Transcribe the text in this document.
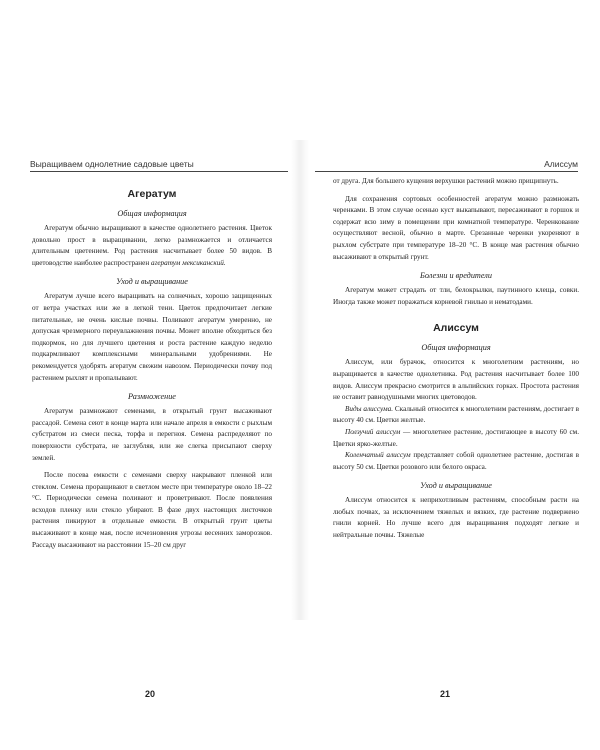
Выращиваем однолетние садовые цветы
Агератум
Общая информация

Агератум обычно выращивают в качестве однолетнего растения. Цветок довольно прост в выращивании, легко размножается и отличается длительным цветением. Род растения насчитывает более 50 видов. В цветоводстве наиболее распространен агератум мексиканский.

Уход и выращивание

Агератум лучше всего выращивать на солнечных, хорошо защищенных от ветра участках или же в легкой тени. Цветок предпочитает легкие питательные, не очень кислые почвы. Поливают агератум умеренно, не допуская чрезмерного переувлажнения почвы. Может вполне обходиться без подкормок, но для лучшего цветения и роста растение каждую неделю подкармливают комплексными минеральными удобрениями. Не рекомендуется удобрять агератум свежим навозом. Периодически почву под растением рыхлят и пропалывают.

Размножение

Агератум размножают семенами, в открытый грунт высаживают рассадой. Семена сеют в конце марта или начале апреля в емкости с рыхлым субстратом из смеси песка, торфа и перегноя. Семена распределяют по поверхности субстрата, не заглубляя, или же слегка присыпают сверху землей.

После посева емкости с семенами сверху накрывают пленкой или стеклом. Семена проращивают в светлом месте при температуре около 18–22 °С. Периодически семена поливают и проветривают. После появления всходов пленку или стекло убирают. В фазе двух настоящих листочков растения пикируют в отдельные емкости. В открытый грунт цветы высаживают в конце мая, после исчезновения угрозы весенних заморозков. Рассаду высаживают на расстоянии 15–20 см друг

20
Алиссум

от друга. Для большего кущения верхушки растений можно прищипнуть.

Для сохранения сортовых особенностей агератум можно размножать черенками. В этом случае осенью куст выкапывают, пересаживают в горшок и содержат всю зиму в помещении при комнатной температуре. Черенкование осуществляют весной, обычно в марте. Срезанные черенки укореняют в рыхлом субстрате при температуре 18–20 °С. В конце мая растения обычно высаживают в открытый грунт.

Болезни и вредители

Агератум может страдать от тли, белокрылки, паутинного клеща, совки. Иногда также может поражаться корневой гнилью и нематодами.

Алиссум
Общая информация

Алиссум, или бурачок, относится к многолетним растениям, но выращивается в качестве однолетника. Род растения насчитывает более 100 видов. Алиссум прекрасно смотрится в альпийских горках. Простота растения не оставит равнодушными многих цветоводов.

Виды алиссума. Скальный относится к многолетним растениям, достигает в высоту 40 см. Цветки желтые.

Ползучий алиссум — многолетнее растение, достигающее в высоту 60 см. Цветки ярко-желтые.

Коленчатый алиссум представляет собой однолетнее растение, достигая в высоту 50 см. Цветки розового или белого окраса.

Уход и выращивание

Алиссум относится к неприхотливым растениям, способным расти на любых почвах, за исключением тяжелых и вязких, где растение подвержено гнили корней. Но лучше всего для выращивания подходят легкие и нейтральные почвы. Тяжелые

21
